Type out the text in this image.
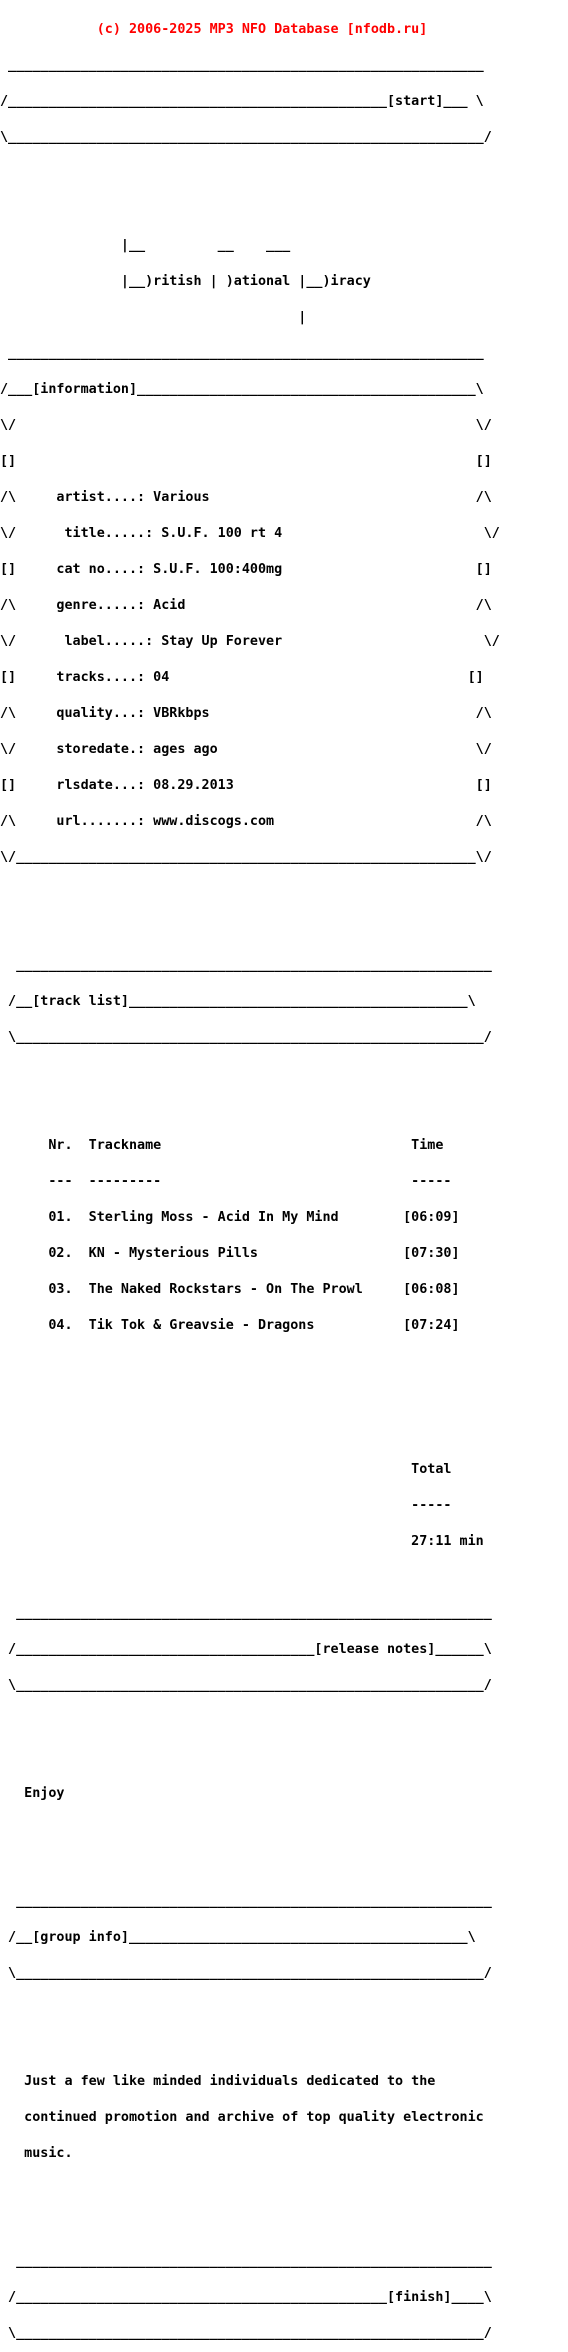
(c) 2006-2025 MP3 NFO Database [nfodb.ru]

___________________________________________________________

/_______________________________________________[start]___ \

\___________________________________________________________/

|__         __    ___

|__)ritish | )ational |__)iracy

|

___________________________________________________________

/___[information]__________________________________________\

\/                                                         \/

[]                                                         []

/\     artist....: Various                                 /\

\/      title.....: S.U.F. 100 rt 4                         \/

[]     cat no....: S.U.F. 100:400mg                        []

/\     genre.....: Acid                                    /\

\/      label.....: Stay Up Forever                         \/

[]     tracks....: 04                                     []

/\     quality...: VBRkbps                                 /\

\/     storedate.: ages ago                                \/

[]     rlsdate...: 08.29.2013                              []

/\     url.......: www.discogs.com                         /\

\/_________________________________________________________\/

___________________________________________________________

/__[track list]__________________________________________\

\__________________________________________________________/

Nr.  Trackname                               Time

---  ---------                               -----

01.  Sterling Moss - Acid In My Mind        [06:09]

02.  KN - Mysterious Pills                  [07:30]

03.  The Naked Rockstars - On The Prowl     [06:08]

04.  Tik Tok & Greavsie - Dragons           [07:24]

Total

-----

27:11 min

___________________________________________________________

/_____________________________________[release notes]______\

\__________________________________________________________/

Enjoy

___________________________________________________________

/__[group info]__________________________________________\

\__________________________________________________________/

Just a few like minded individuals dedicated to the

continued promotion and archive of top quality electronic

music.

___________________________________________________________

/______________________________________________[finish]____\

\__________________________________________________________/
